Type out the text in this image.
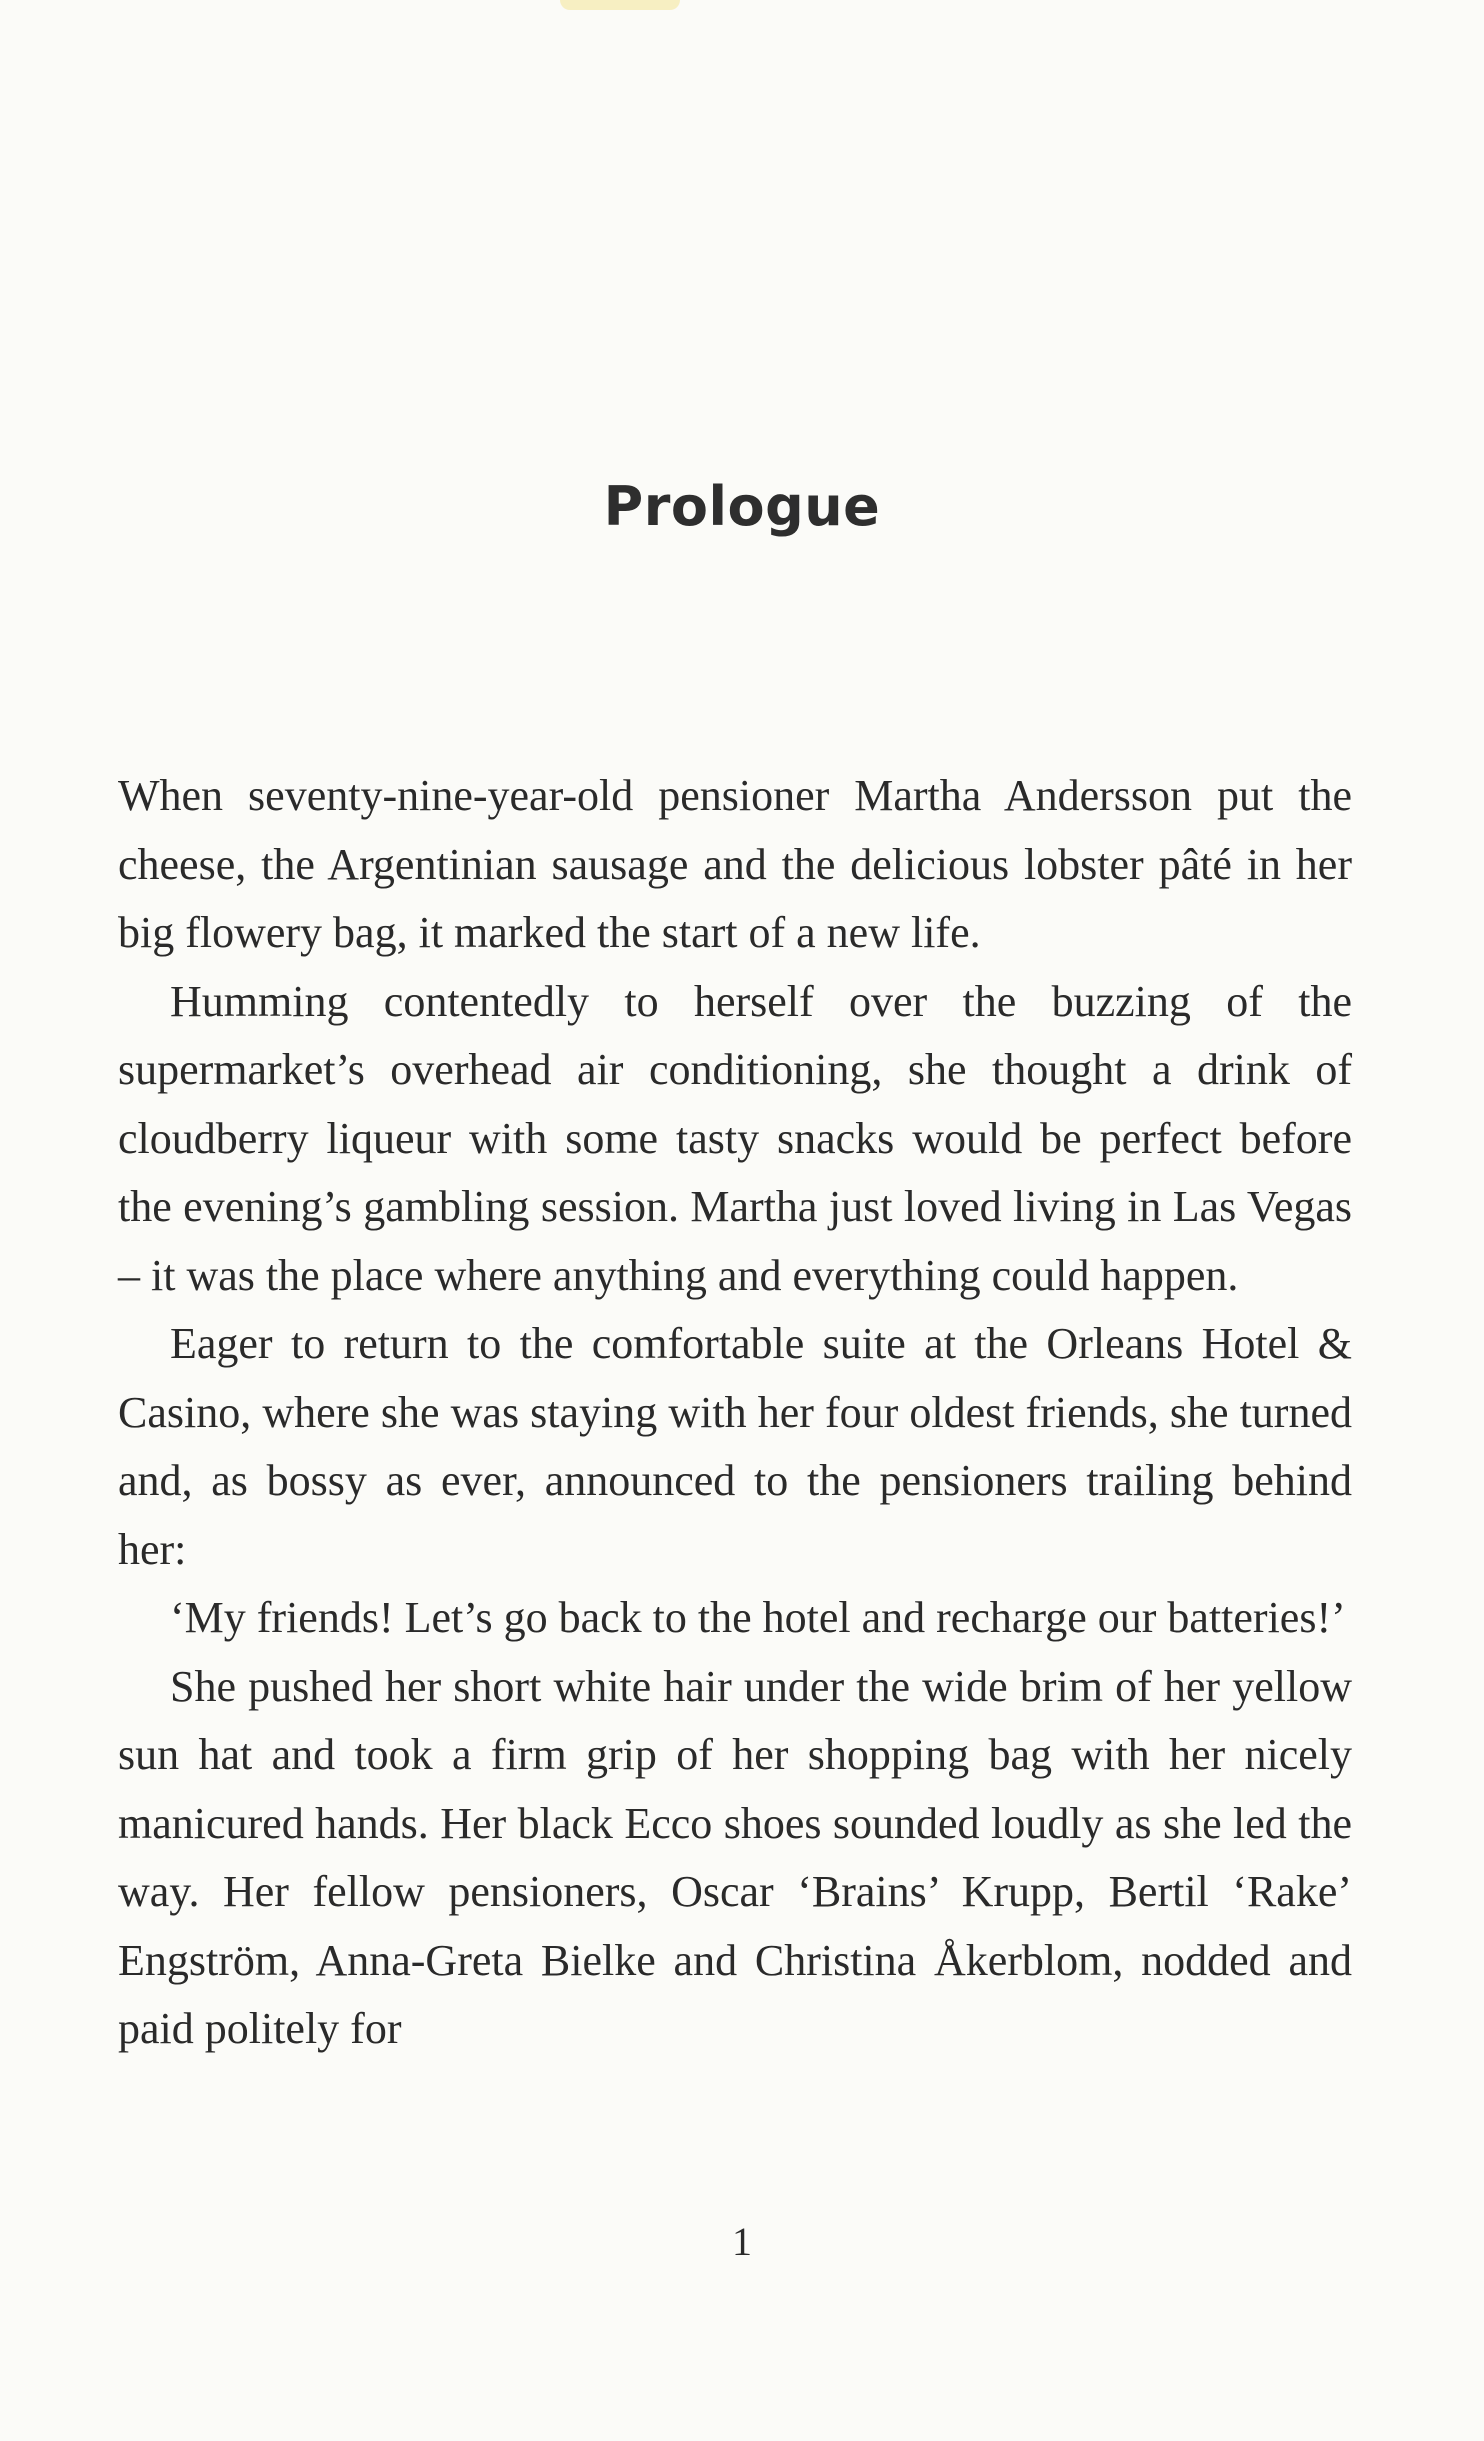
Prologue

When seventy-nine-year-old pensioner Martha Andersson put the cheese, the Argentinian sausage and the delicious lobster pâté in her big flowery bag, it marked the start of a new life.

Humming contentedly to herself over the buzzing of the supermarket’s overhead air conditioning, she thought a drink of cloudberry liqueur with some tasty snacks would be perfect before the evening’s gambling session. Martha just loved living in Las Vegas – it was the place where anything and everything could happen.

Eager to return to the comfortable suite at the Orleans Hotel & Casino, where she was staying with her four oldest friends, she turned and, as bossy as ever, announced to the pensioners trailing behind her:

‘My friends! Let’s go back to the hotel and recharge our batteries!’

She pushed her short white hair under the wide brim of her yellow sun hat and took a firm grip of her shopping bag with her nicely manicured hands. Her black Ecco shoes sounded loudly as she led the way. Her fellow pensioners, Oscar ‘Brains’ Krupp, Bertil ‘Rake’ Engström, Anna-Greta Bielke and Christina Åkerblom, nodded and paid politely for

1
